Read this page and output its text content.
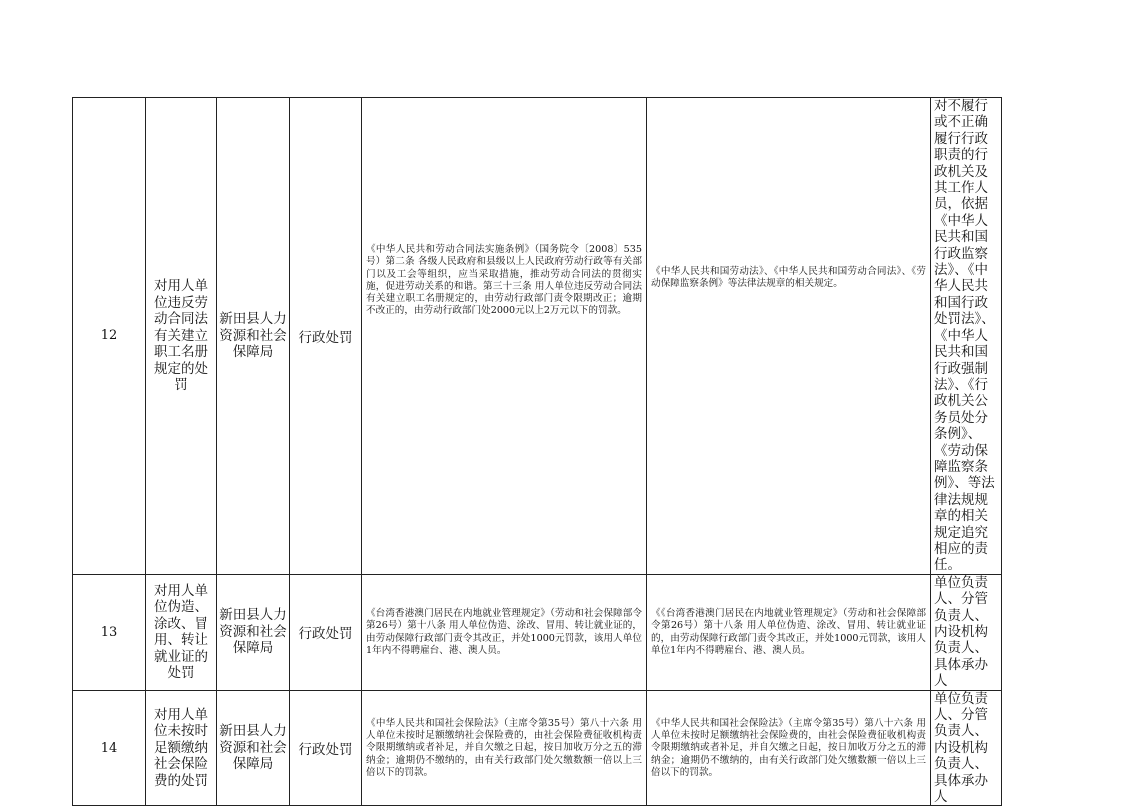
12	对用人单位违反劳动合同法有关建立职工名册规定的处罚	新田县人力资源和社会保障局	行政处罚	《中华人民共和劳动合同法实施条例》（国务院令〔2008〕535号）第二条 各级人民政府和县级以上人民政府劳动行政等有关部门以及工会等组织，应当采取措施，推动劳动合同法的贯彻实施，促进劳动关系的和谐。第三十三条 用人单位违反劳动合同法有关建立职工名册规定的，由劳动行政部门责令限期改正；逾期不改正的，由劳动行政部门处2000元以上2万元以下的罚款。	《中华人民共和国劳动法》、《中华人民共和国劳动合同法》、《劳动保障监察条例》等法律法规章的相关规定。	对不履行或不正确履行行政职责的行政机关及其工作人员，依据《中华人民共和国行政监察法》、《中华人民共和国行政处罚法》、《中华人民共和国行政强制法》、《行政机关公务员处分条例》、《劳动保障监察条例》、等法律法规规章的相关规定追究相应的责任。
13	对用人单位伪造、涂改、冒用、转让就业证的处罚	新田县人力资源和社会保障局	行政处罚	《台湾香港澳门居民在内地就业管理规定》（劳动和社会保障部令第26号）第十八条 用人单位伪造、涂改、冒用、转让就业证的，由劳动保障行政部门责令其改正，并处1000元罚款，该用人单位1年内不得聘雇台、港、澳人员。	《《台湾香港澳门居民在内地就业管理规定》（劳动和社会保障部令第26号）第十八条 用人单位伪造、涂改、冒用、转让就业证的，由劳动保障行政部门责令其改正，并处1000元罚款，该用人单位1年内不得聘雇台、港、澳人员。	单位负责人、分管负责人、内设机构负责人、具体承办人
14	对用人单位未按时足额缴纳社会保险费的处罚	新田县人力资源和社会保障局	行政处罚	《中华人民共和国社会保险法》（主席令第35号）第八十六条 用人单位未按时足额缴纳社会保险费的，由社会保险费征收机构责令限期缴纳或者补足，并自欠缴之日起，按日加收万分之五的滞纳金；逾期仍不缴纳的，由有关行政部门处欠缴数额一倍以上三倍以下的罚款。	《中华人民共和国社会保险法》（主席令第35号）第八十六条 用人单位未按时足额缴纳社会保险费的，由社会保险费征收机构责令限期缴纳或者补足，并自欠缴之日起，按日加收万分之五的滞纳金；逾期仍不缴纳的，由有关行政部门处欠缴数额一倍以上三倍以下的罚款。	单位负责人、分管负责人、内设机构负责人、具体承办人
